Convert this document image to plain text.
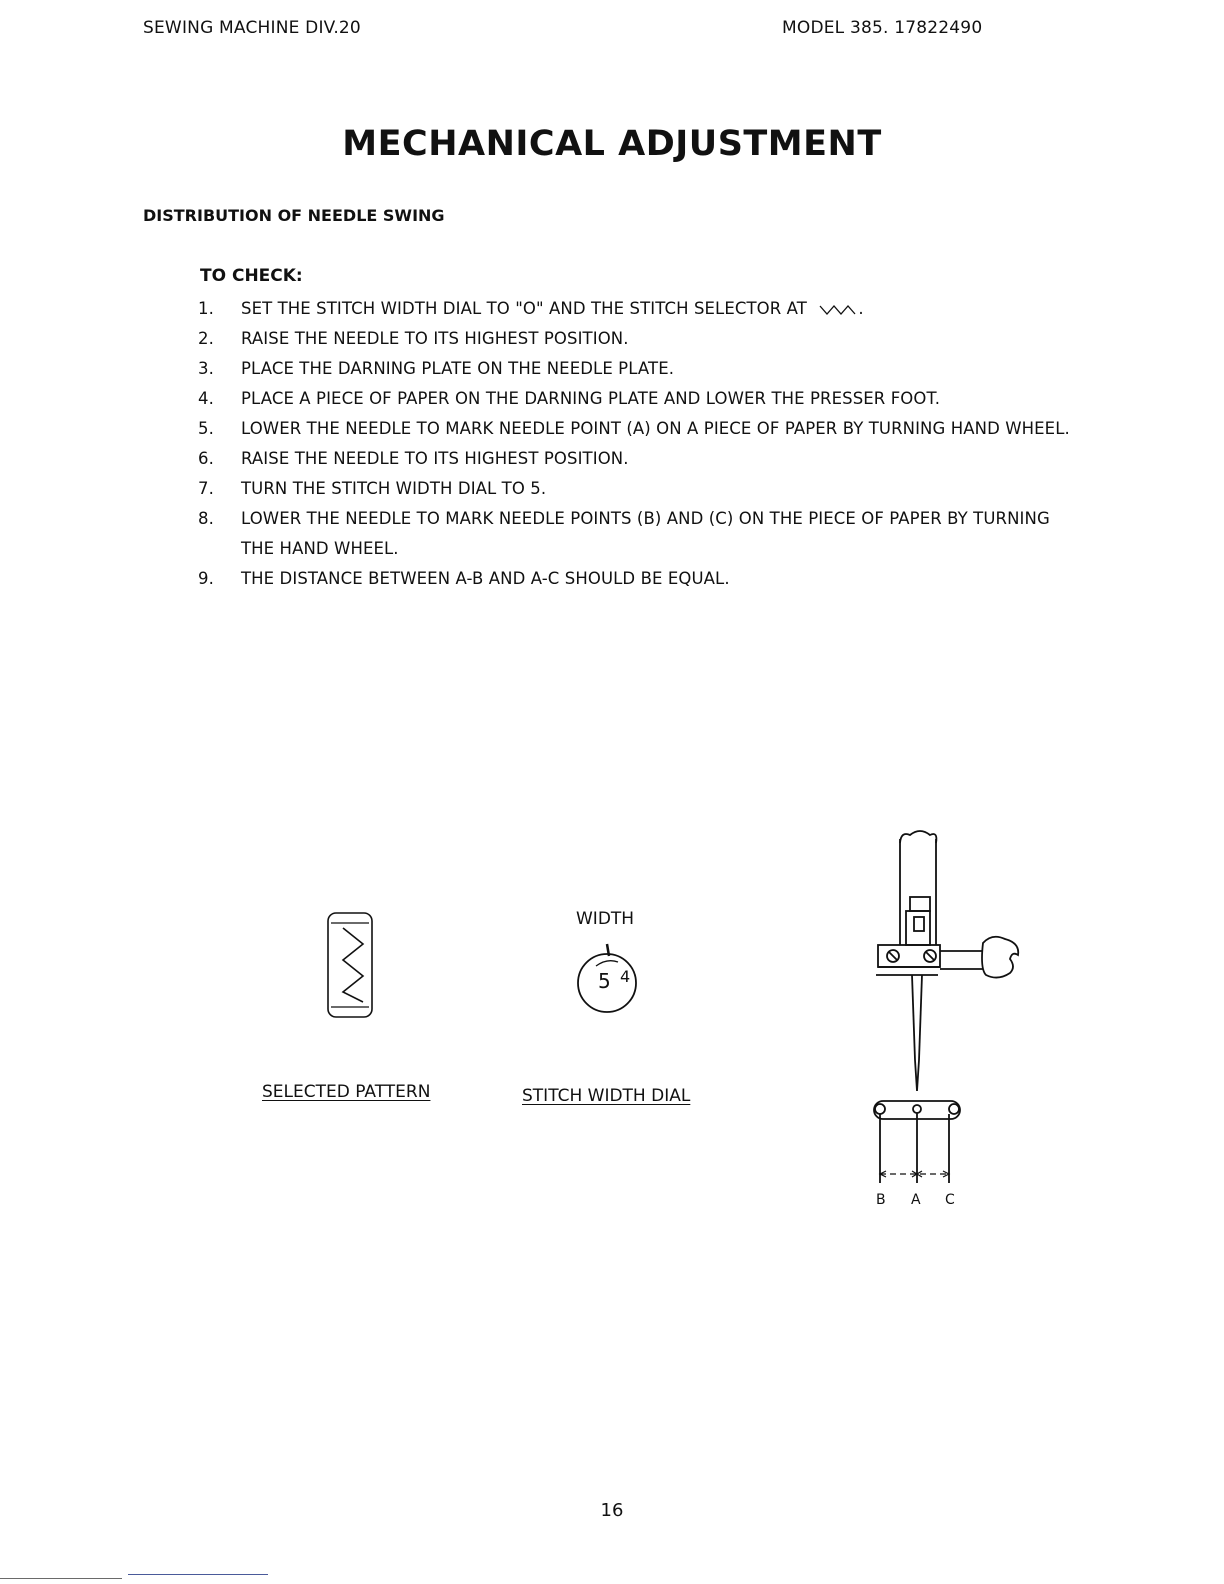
SEWING MACHINE DIV.20	MODEL 385. 17822490
MECHANICAL ADJUSTMENT
DISTRIBUTION OF NEEDLE SWING
TO CHECK:
1.	SET THE STITCH WIDTH DIAL TO "O" AND THE STITCH SELECTOR AT	.
2.	RAISE THE NEEDLE TO ITS HIGHEST POSITION.
3.	PLACE THE DARNING PLATE ON THE NEEDLE PLATE.
4.	PLACE A PIECE OF PAPER ON THE DARNING PLATE AND LOWER THE PRESSER FOOT.
5.	LOWER THE NEEDLE TO MARK NEEDLE POINT (A) ON A PIECE OF PAPER BY TURNING HAND WHEEL.
6.	RAISE THE NEEDLE TO ITS HIGHEST POSITION.
7.	TURN THE STITCH WIDTH DIAL TO 5.
8.	LOWER THE NEEDLE TO MARK NEEDLE POINTS (B) AND (C) ON THE PIECE OF PAPER BY TURNING THE HAND WHEEL.
9.	THE DISTANCE BETWEEN A-B AND A-C SHOULD BE EQUAL.
SELECTED PATTERN
WIDTH
5 4
STITCH WIDTH DIAL
B A C
16
